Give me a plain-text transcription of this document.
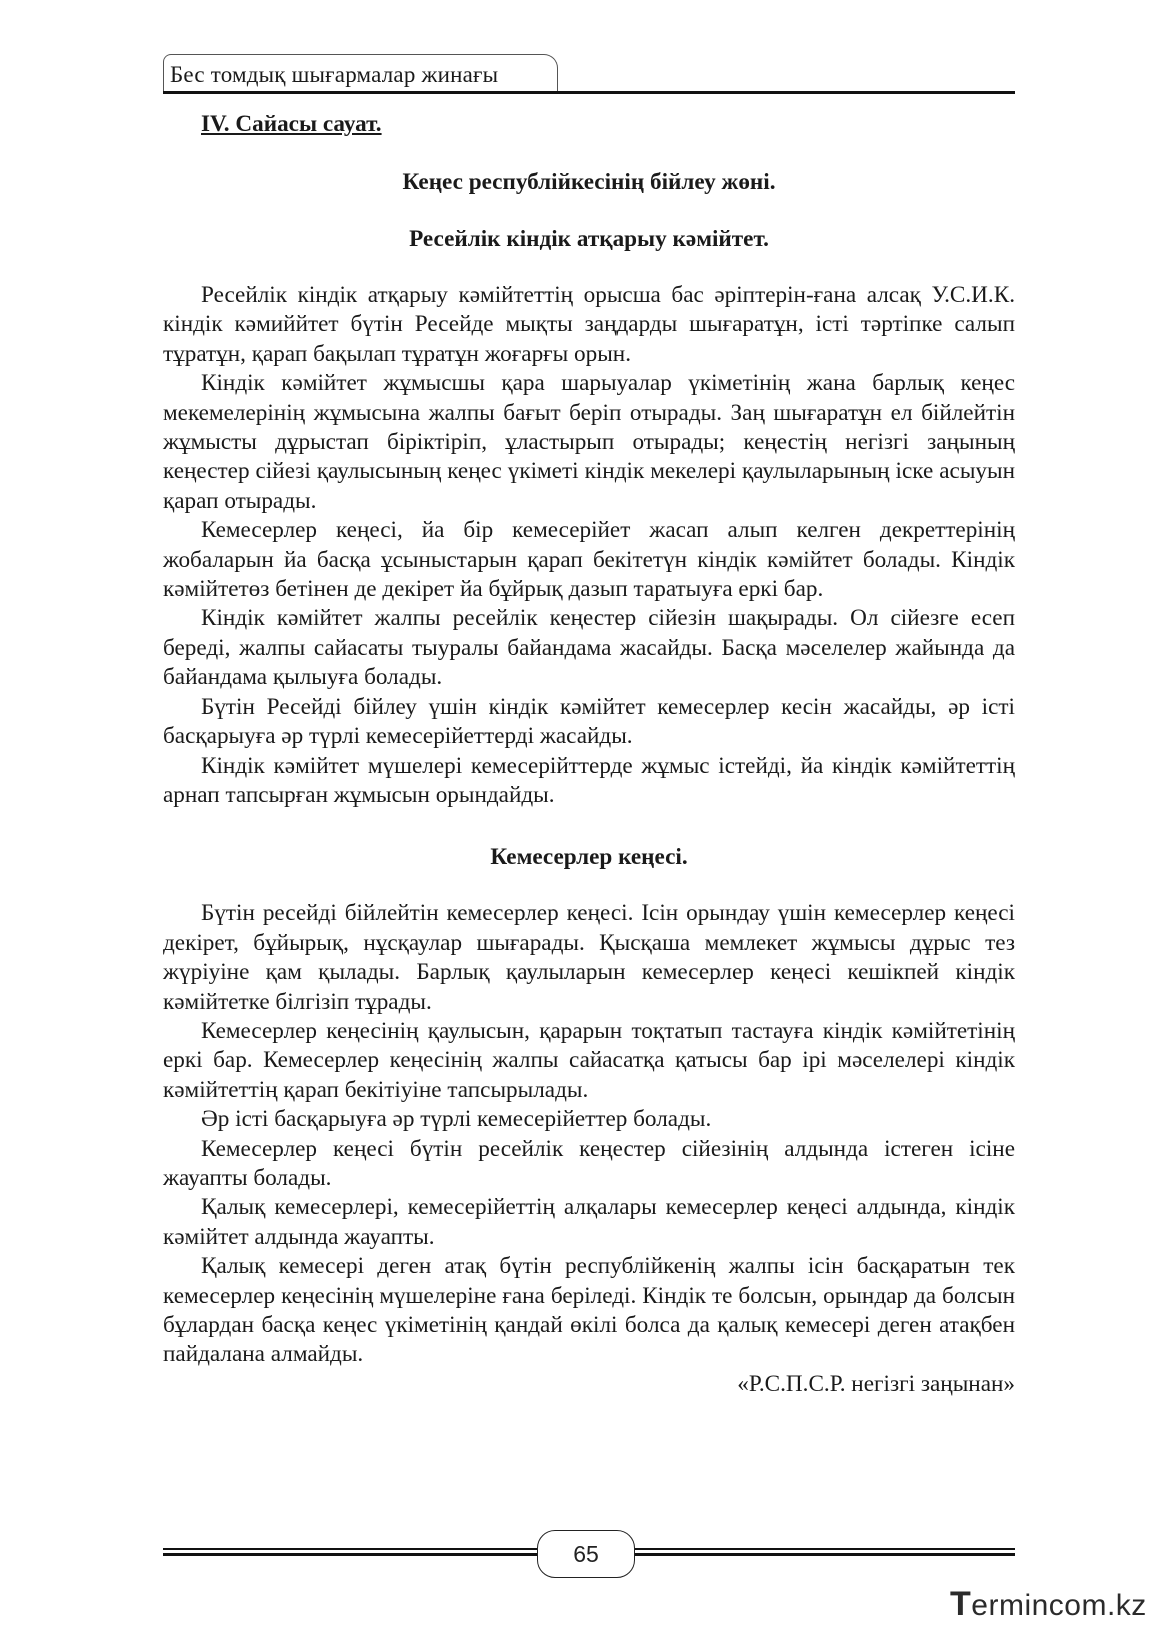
Бес томдық шығармалар жинағы
IV. Сайасы сауат.
Кеңес республійкесінің бійлеу жөні.
Ресейлік кіндік атқарыу кәмійтет.

Ресейлік кіндік атқарыу кәмійтеттің орысша бас әріптерін-ғана алсақ У.С.И.К. кіндік кәмиййтет бүтін Ресейде мықты заңдарды шығаратұн, істі тәртіпке салып тұратұн, қарап бақылап тұратұн жоғарғы орын.

Кіндік кәмійтет жұмысшы қара шарыуалар үкіметінің жана барлық кеңес мекемелерінің жұмысына жалпы бағыт беріп отырады. Заң шығаратұн ел бійлейтін жұмысты дұрыстап біріктіріп, ұластырып отырады; кеңестің негізгі заңының кеңестер сійезі қаулысының кеңес үкіметі кіндік мекелері қаулыларының іске асыуын қарап отырады.

Кемесерлер кеңесі, йа бір кемесерійет жасап алып келген декреттерінің жобаларын йа басқа ұсыныстарын қарап бекітетүн кіндік кәмійтет болады. Кіндік кәмійтетөз бетінен де декірет йа бұйрық дазып таратыуға еркі бар.

Кіндік кәмійтет жалпы ресейлік кеңестер сійезін шақырады. Ол сійезге есеп береді, жалпы сайасаты тыуралы байандама жасайды. Басқа мәселелер жайында да байандама қылыуға болады.

Бүтін Ресейді бійлеу үшін кіндік кәмійтет кемесерлер кесін жасайды, әр істі басқарыуға әр түрлі кемесерійеттерді жасайды.

Кіндік кәмійтет мүшелері кемесерійттерде жұмыс істейді, йа кіндік кәмійтеттің арнап тапсырған жұмысын орындайды.

Кемесерлер кеңесі.

Бүтін ресейді бійлейтін кемесерлер кеңесі. Ісін орындау үшін кемесерлер кеңесі декірет, бұйырық, нұсқаулар шығарады. Қысқаша мемлекет жұмысы дұрыс тез жүріуіне қам қылады. Барлық қаулыларын кемесерлер кеңесі кешікпей кіндік кәмійтетке білгізіп тұрады.

Кемесерлер кеңесінің қаулысын, қарарын тоқтатып тастауға кіндік кәмійтетінің еркі бар. Кемесерлер кеңесінің жалпы сайасатқа қатысы бар ірі мәселелері кіндік кәмійтеттің қарап бекітіуіне тапсырылады.

Әр істі басқарыуға әр түрлі кемесерійеттер болады.

Кемесерлер кеңесі бүтін ресейлік кеңестер сійезінің алдында істеген ісіне жауапты болады.

Қалық кемесерлері, кемесерійеттің алқалары кемесерлер кеңесі алдында, кіндік кәмійтет алдында жауапты.

Қалық кемесері деген атақ бүтін республійкенің жалпы ісін басқаратын тек кемесерлер кеңесінің мүшелеріне ғана беріледі. Кіндік те болсын, орындар да болсын бұлардан басқа кеңес үкіметінің қандай өкілі болса да қалық кемесері деген атақбен пайдалана алмайды.

«Р.С.П.С.Р. негізгі заңынан»

65
Termincоm.kz
